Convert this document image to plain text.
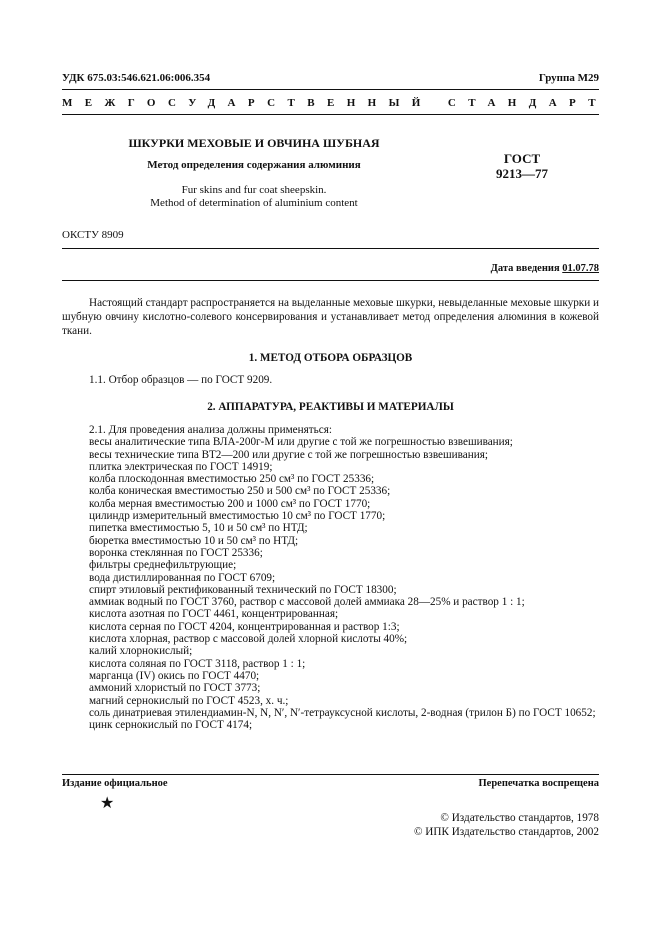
УДК 675.03:546.621.06:006.354	Группа М29
МЕЖГОСУДАРСТВЕННЫЙ СТАНДАРТ
ШКУРКИ МЕХОВЫЕ И ОВЧИНА ШУБНАЯ
Метод определения содержания алюминия
Fur skins and fur coat sheepskin.
Method of determination of aluminium content
ГОСТ
9213—77
ОКСТУ 8909
Дата введения 01.07.78
Настоящий стандарт распространяется на выделанные меховые шкурки, невыделанные меховые шкурки и шубную овчину кислотно-солевого консервирования и устанавливает метод определения алюминия в кожевой ткани.
1. МЕТОД ОТБОРА ОБРАЗЦОВ
1.1. Отбор образцов — по ГОСТ 9209.
2. АППАРАТУРА, РЕАКТИВЫ И МАТЕРИАЛЫ
2.1. Для проведения анализа должны применяться:
весы аналитические типа ВЛА-200г-М или другие с той же погрешностью взвешивания;
весы технические типа ВТ2—200 или другие с той же погрешностью взвешивания;
плитка электрическая по ГОСТ 14919;
колба плоскодонная вместимостью 250 см³ по ГОСТ 25336;
колба коническая вместимостью 250 и 500 см³ по ГОСТ 25336;
колба мерная вместимостью 200 и 1000 см³ по ГОСТ 1770;
цилиндр измерительный вместимостью 10 см³ по ГОСТ 1770;
пипетка вместимостью 5, 10 и 50 см³ по НТД;
бюретка вместимостью 10 и 50 см³ по НТД;
воронка стеклянная по ГОСТ 25336;
фильтры среднефильтрующие;
вода дистиллированная по ГОСТ 6709;
спирт этиловый ректификованный технический по ГОСТ 18300;
аммиак водный по ГОСТ 3760, раствор с массовой долей аммиака 28—25% и раствор 1 : 1;
кислота азотная по ГОСТ 4461, концентрированная;
кислота серная по ГОСТ 4204, концентрированная и раствор 1:3;
кислота хлорная, раствор с массовой долей хлорной кислоты 40%;
калий хлорнокислый;
кислота соляная по ГОСТ 3118, раствор 1 : 1;
марганца (IV) окись по ГОСТ 4470;
аммоний хлористый по ГОСТ 3773;
магний сернокислый по ГОСТ 4523, х. ч.;
соль динатриевая этилендиамин-N, N, N′, N′-тетрауксусной кислоты, 2-водная (трилон Б) по ГОСТ 10652;
цинк сернокислый по ГОСТ 4174;
Издание официальное	Перепечатка воспрещена
★
© Издательство стандартов, 1978
© ИПК Издательство стандартов, 2002
